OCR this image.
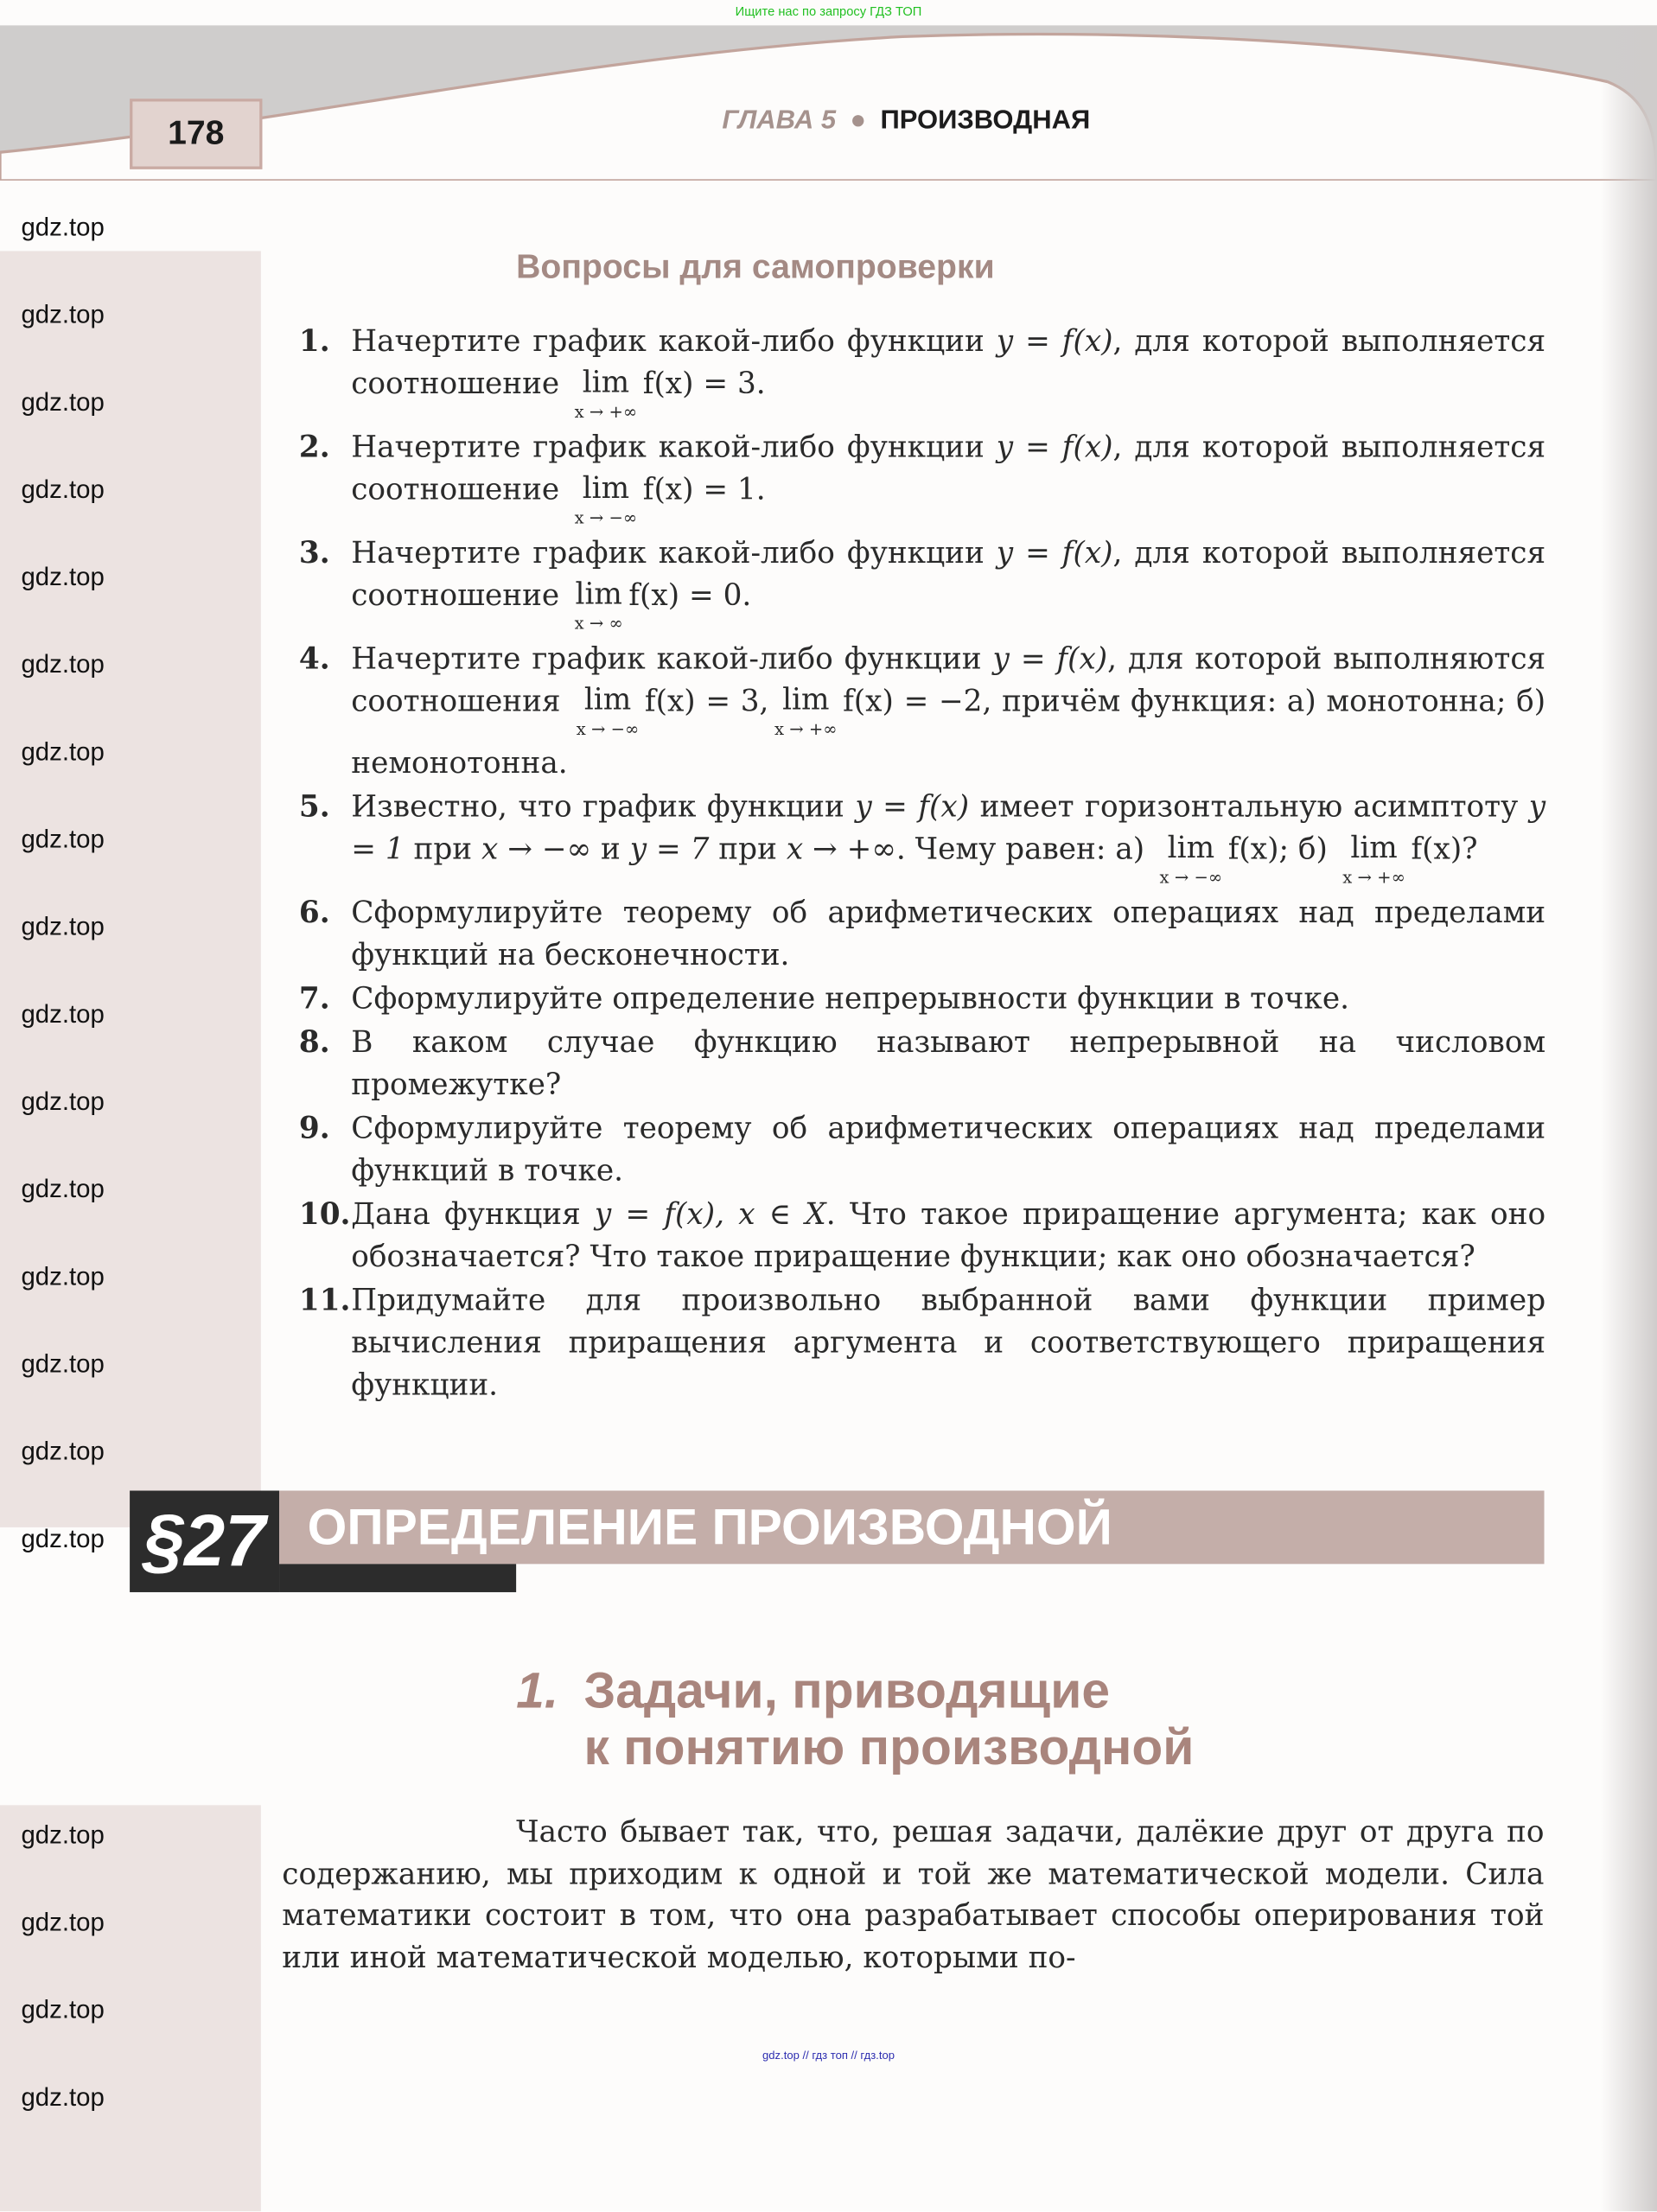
Ищите нас по запросу ГДЗ ТОП
178	ГЛАВА 5 ● ПРОИЗВОДНАЯ
gdz.top
gdz.top
gdz.top
gdz.top
gdz.top
gdz.top
gdz.top
gdz.top
gdz.top
gdz.top
gdz.top
gdz.top
gdz.top
gdz.top
gdz.top
gdz.top
gdz.top
gdz.top
gdz.top
gdz.top
Вопросы для самопроверки
1.	Начертите график какой-либо функции y = f(x), для которой выполняется соотношение lim
x → +∞
f(x) = 3.
2.	Начертите график какой-либо функции y = f(x), для которой выполняется соотношение lim
x → −∞
f(x) = 1.
3.	Начертите график какой-либо функции y = f(x), для которой выполняется соотношение lim
x → ∞
f(x) = 0.
4.	Начертите график какой-либо функции y = f(x), для которой выполняются соотношения lim
x → −∞
f(x) = 3, lim
x → +∞
f(x) = −2, причём функция: а) монотонна; б) немонотонна.
5.	Известно, что график функции y = f(x) имеет горизонтальную асимптоту y = 1 при x → −∞ и y = 7 при x → +∞. Чему равен: а) lim
x → −∞
f(x); б) lim
x → +∞
f(x)?
6.	Сформулируйте теорему об арифметических операциях над пределами функций на бесконечности.
7.	Сформулируйте определение непрерывности функции в точке.
8.	В каком случае функцию называют непрерывной на числовом промежутке?
9.	Сформулируйте теорему об арифметических операциях над пределами функций в точке.
10. Дана функция y = f(x), x ∈ X. Что такое приращение аргумента; как оно обозначается? Что такое приращение функции; как оно обозначается?
11. Придумайте для произвольно выбранной вами функции пример вычисления приращения аргумента и соответствующего приращения функции.
§27	ОПРЕДЕЛЕНИЕ ПРОИЗВОДНОЙ
1. Задачи, приводящие
к понятию производной
Часто бывает так, что, решая задачи, далёкие друг от друга по содержанию, мы приходим к одной и той же математической модели. Сила математики состоит в том, что она разрабатывает способы оперирования той или иной математической моделью, которыми по-
gdz.top // гдз топ // гдз.top
